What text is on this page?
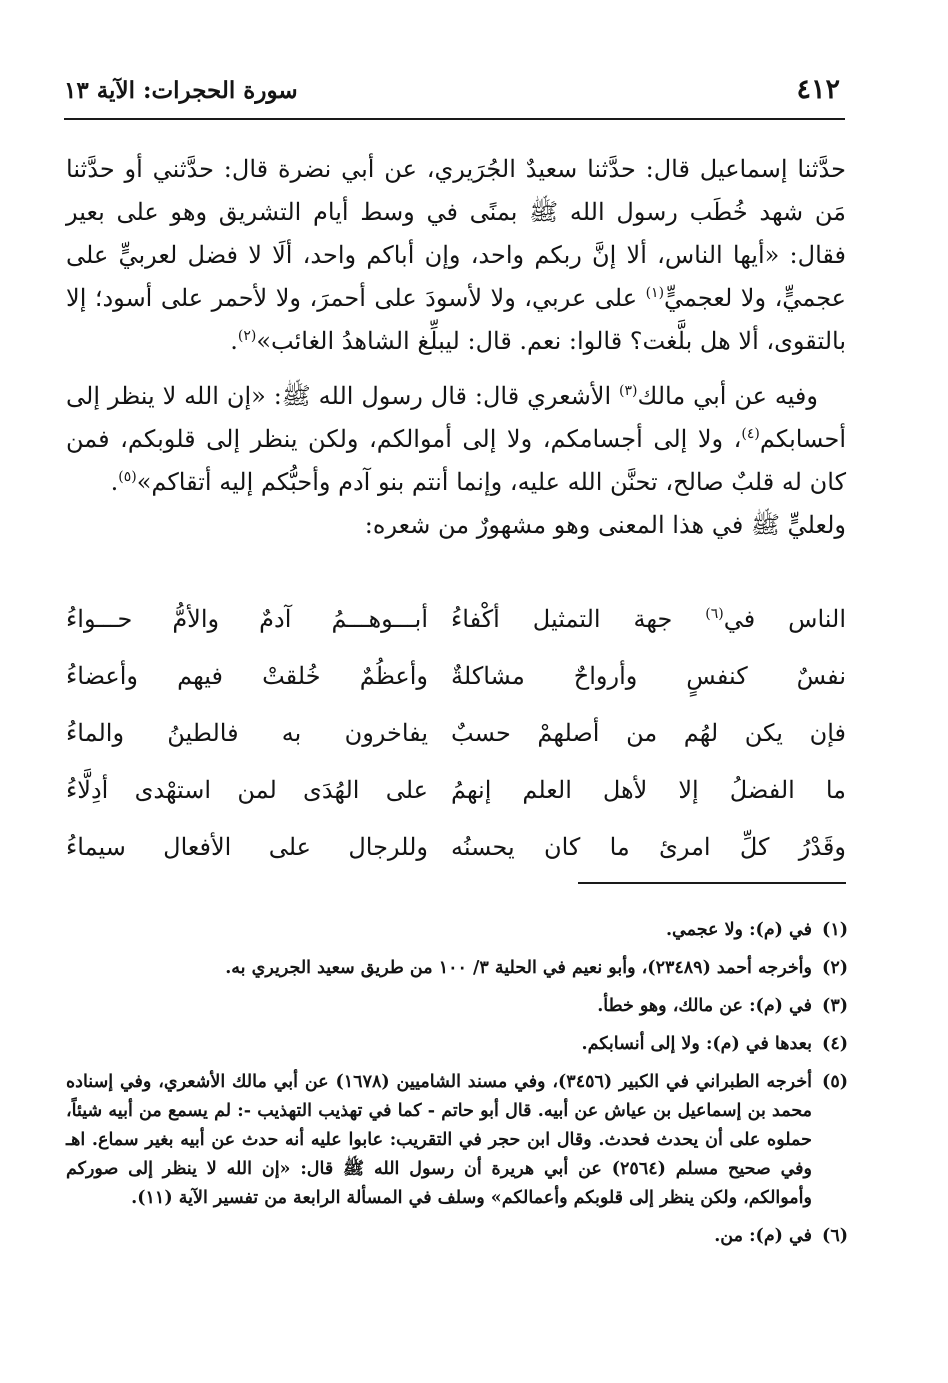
٤١٢
سورة الحجرات: الآية ١٣

حدَّثنا إسماعيل قال: حدَّثنا سعيدٌ الجُرَيري، عن أبي نضرة قال: حدَّثني أو حدَّثنا مَن شهد خُطَب رسول الله ﷺ بمنًى في وسط أيام التشريق وهو على بعير فقال: «أيها الناس، ألا إنَّ ربكم واحد، وإن أباكم واحد، ألَا لا فضل لعربيٍّ على عجميٍّ، ولا لعجميٍّ$^{(١)}$ على عربي، ولا لأسودَ على أحمرَ، ولا لأحمر على أسود؛ إلا بالتقوى، ألا هل بلَّغت؟ قالوا: نعم. قال: ليبلِّغ الشاهدُ الغائب»$^{(٢)}$.

وفيه عن أبي مالك$^{(٣)}$ الأشعري قال: قال رسول الله ﷺ: «إن الله لا ينظر إلى أحسابكم$^{(٤)}$، ولا إلى أجسامكم، ولا إلى أموالكم، ولكن ينظر إلى قلوبكم، فمن كان له قلبٌ صالح، تحنَّن الله عليه، وإنما أنتم بنو آدم وأحبُّكم إليه أتقاكم»$^{(٥)}$.

ولعليٍّ ﷺ في هذا المعنى وهو مشهورٌ من شعره:

الناس في$^{(٦)}$ جهة التمثيل أكْفاءُ
أبـــوهـــمُ آدمٌ والأمُّ حـــواءُ
نفسٌ كنفسٍ وأرواحٌ مشاكلةٌ
وأعظُمٌ خُلقتْ فيهم وأعضاءُ
فإن يكن لهُم من أصلهمْ حسبٌ
يفاخرون به فالطينُ والماءُ
ما الفضلُ إلا لأهل العلم إنهمُ
على الهُدَى لمن استهْدى أدِلَّاءُ
وقَدْرُ كلِّ امرئ ما كان يحسنُه
وللرجال على الأفعال سيماءُ

(١)في (م): ولا عجمي.

(٢)وأخرجه أحمد (٢٣٤٨٩)، وأبو نعيم في الحلية ٣/ ١٠٠ من طريق سعيد الجريري به.

(٣)في (م): عن مالك، وهو خطأ.

(٤)بعدها في (م): ولا إلى أنسابكم.

(٥)أخرجه الطبراني في الكبير (٣٤٥٦)، وفي مسند الشاميين (١٦٧٨) عن أبي مالك الأشعري، وفي إسناده محمد بن إسماعيل بن عياش عن أبيه. قال أبو حاتم - كما في تهذيب التهذيب -: لم يسمع من أبيه شيئاً، حملوه على أن يحدث فحدث. وقال ابن حجر في التقريب: عابوا عليه أنه حدث عن أبيه بغير سماع. اهـ وفي صحيح مسلم (٢٥٦٤) عن أبي هريرة أن رسول الله ﷺ قال: «إن الله لا ينظر إلى صوركم وأموالكم، ولكن ينظر إلى قلوبكم وأعمالكم» وسلف في المسألة الرابعة من تفسير الآية (١١).

(٦)في (م): من.
